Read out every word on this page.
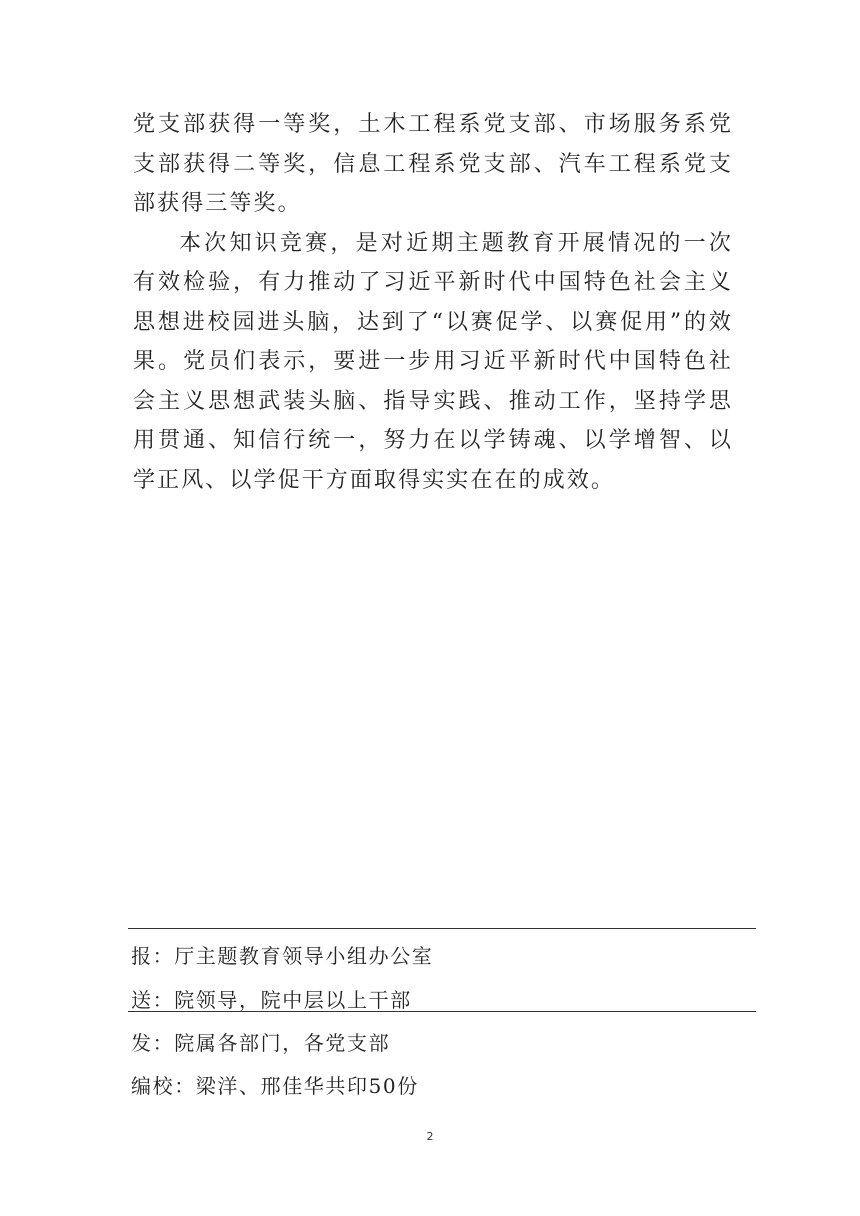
党支部获得一等奖，土木工程系党支部、市场服务系党支部获得二等奖，信息工程系党支部、汽车工程系党支部获得三等奖。

本次知识竞赛，是对近期主题教育开展情况的一次有效检验，有力推动了习近平新时代中国特色社会主义思想进校园进头脑，达到了“以赛促学、以赛促用”的效果。党员们表示，要进一步用习近平新时代中国特色社会主义思想武装头脑、指导实践、推动工作，坚持学思用贯通、知信行统一，努力在以学铸魂、以学增智、以学正风、以学促干方面取得实实在在的成效。

报：厅主题教育领导小组办公室
送：院领导，院中层以上干部
发：院属各部门，各党支部
编校：梁洋、邢佳华共印50份
2
